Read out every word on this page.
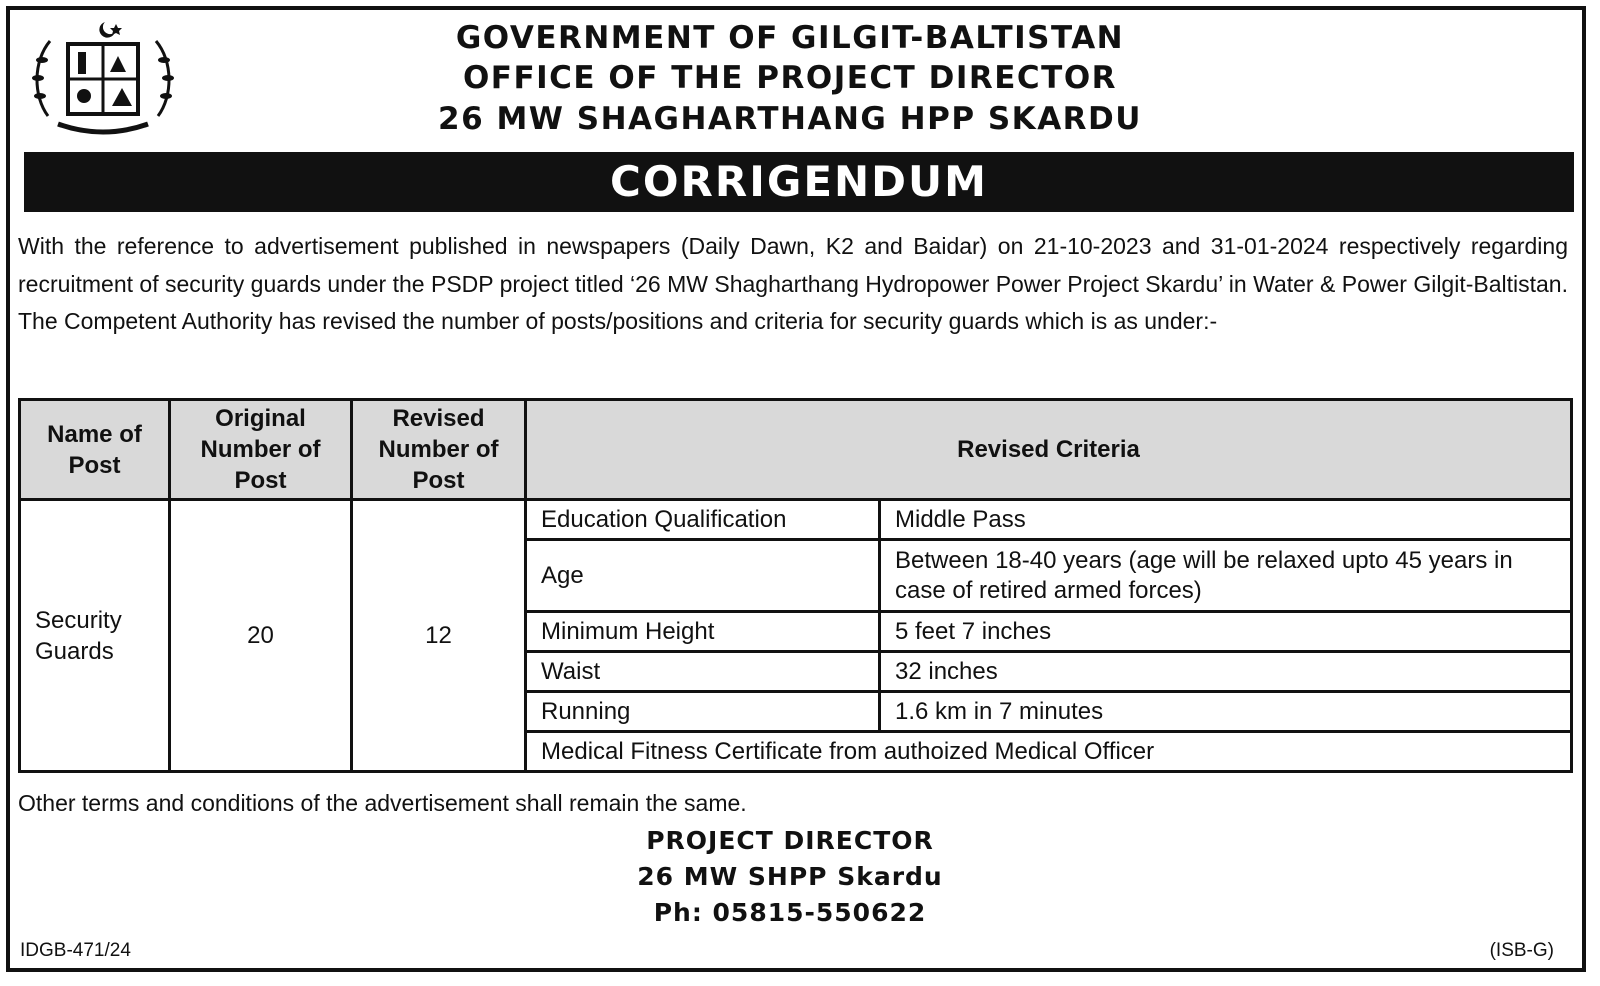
GOVERNMENT OF GILGIT-BALTISTAN
OFFICE OF THE PROJECT DIRECTOR
26 MW SHAGHARTHANG HPP SKARDU
CORRIGENDUM
With the reference to advertisement published in newspapers (Daily Dawn, K2 and Baidar) on 21-10-2023 and 31-01-2024 respectively regarding recruitment of security guards under the PSDP project titled ‘26 MW Shagharthang Hydropower Power Project Skardu’ in Water & Power Gilgit-Baltistan. The Competent Authority has revised the number of posts/positions and criteria for security guards which is as under:-
Name of Post	Original Number of Post	Revised Number of Post	Revised Criteria	
Security Guards	20	12	Education Qualification	Middle Pass
			Age	Between 18-40 years (age will be relaxed upto 45 years in case of retired armed forces)
			Minimum Height	5 feet 7 inches
			Waist	32 inches
			Running	1.6 km in 7 minutes
			Medical Fitness Certificate from authoized Medical Officer	
Other terms and conditions of the advertisement shall remain the same.
PROJECT DIRECTOR
26 MW SHPP Skardu
Ph: 05815-550622
IDGB-471/24	(ISB-G)
